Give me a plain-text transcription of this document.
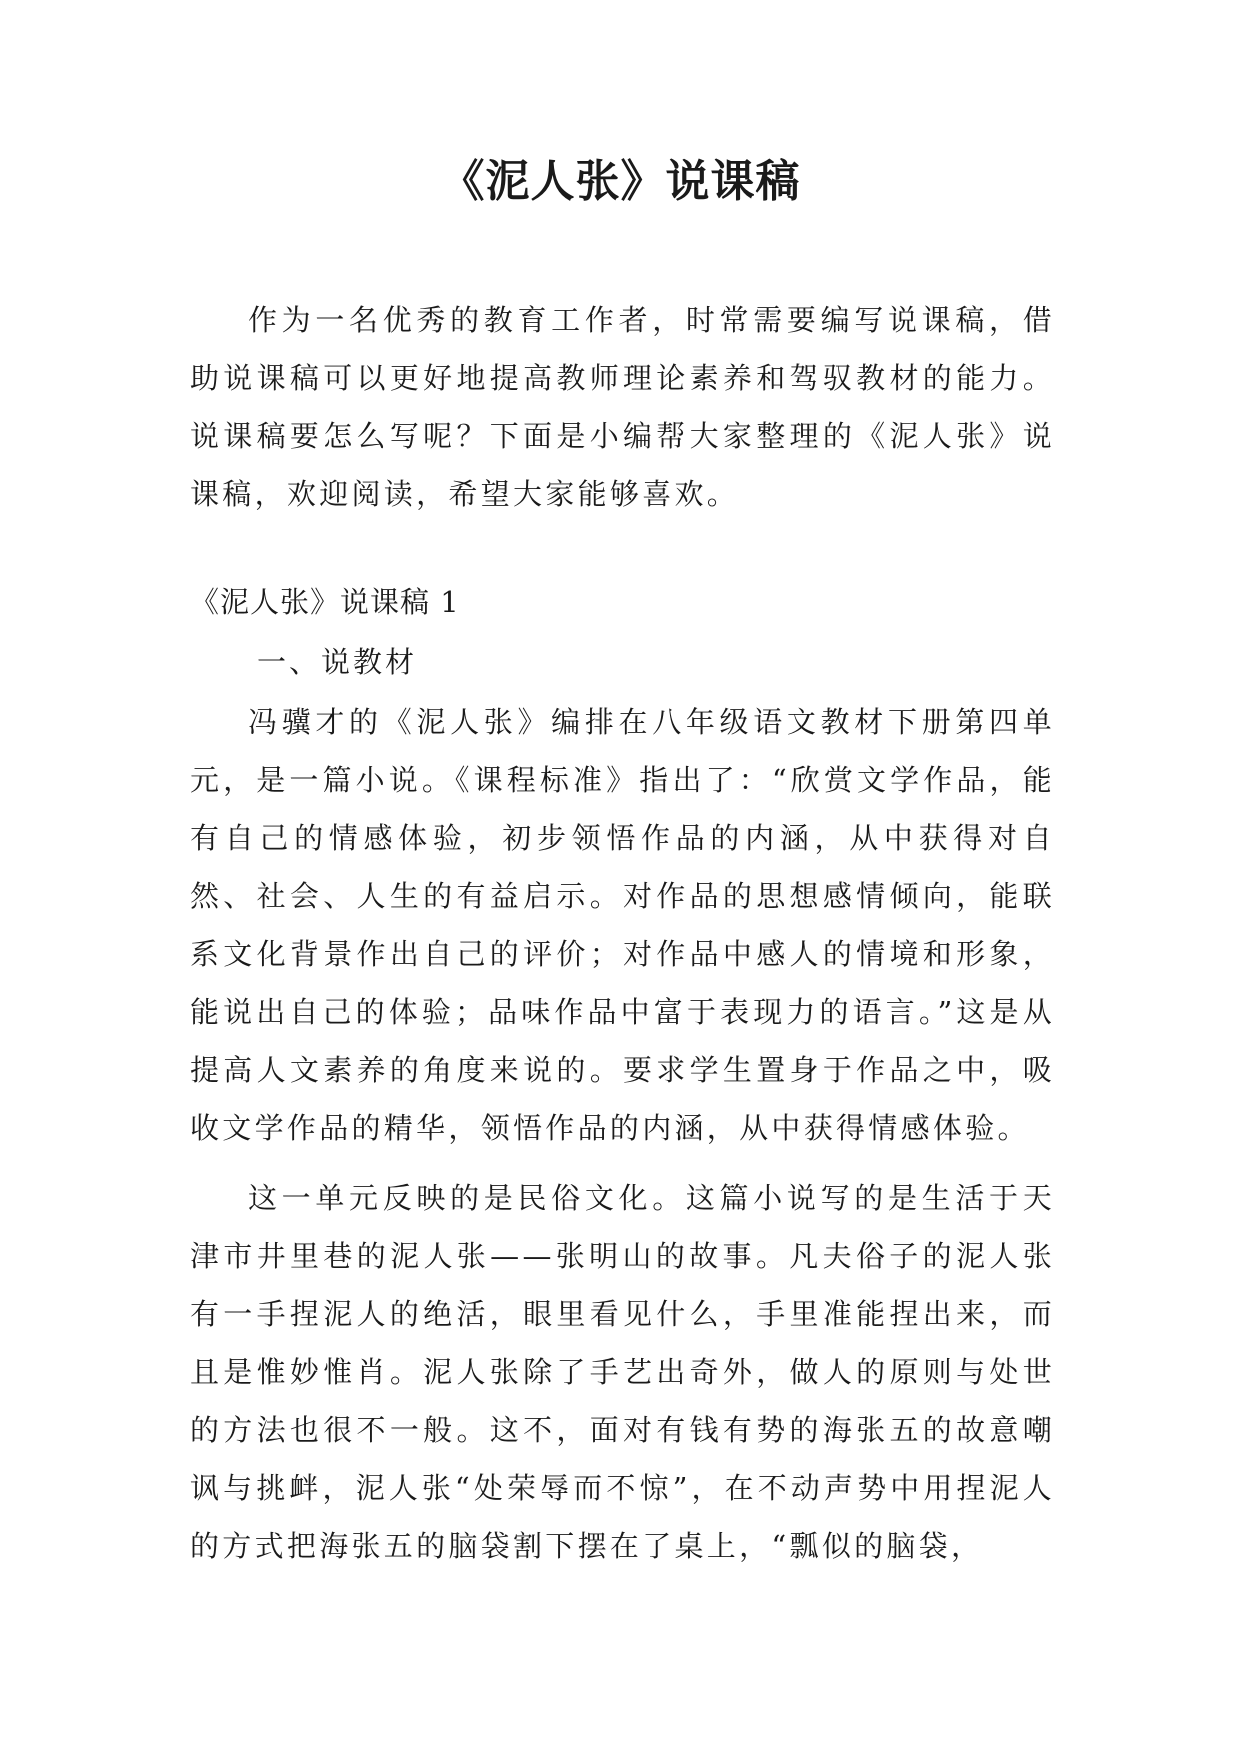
《泥人张》说课稿

作为一名优秀的教育工作者，时常需要编写说课稿，借助说课稿可以更好地提高教师理论素养和驾驭教材的能力。说课稿要怎么写呢？下面是小编帮大家整理的《泥人张》说课稿，欢迎阅读，希望大家能够喜欢。

《泥人张》说课稿 1
一、说教材

冯骥才的《泥人张》编排在八年级语文教材下册第四单元，是一篇小说。《课程标准》指出了：“欣赏文学作品，能有自己的情感体验，初步领悟作品的内涵，从中获得对自然、社会、人生的有益启示。对作品的思想感情倾向，能联系文化背景作出自己的评价；对作品中感人的情境和形象，能说出自己的体验；品味作品中富于表现力的语言。”这是从提高人文素养的角度来说的。要求学生置身于作品之中，吸收文学作品的精华，领悟作品的内涵，从中获得情感体验。

这一单元反映的是民俗文化。这篇小说写的是生活于天津市井里巷的泥人张——张明山的故事。凡夫俗子的泥人张有一手捏泥人的绝活，眼里看见什么，手里准能捏出来，而且是惟妙惟肖。泥人张除了手艺出奇外，做人的原则与处世的方法也很不一般。这不，面对有钱有势的海张五的故意嘲讽与挑衅，泥人张“处荣辱而不惊”，在不动声势中用捏泥人的方式把海张五的脑袋割下摆在了桌上，“瓢似的脑袋，
